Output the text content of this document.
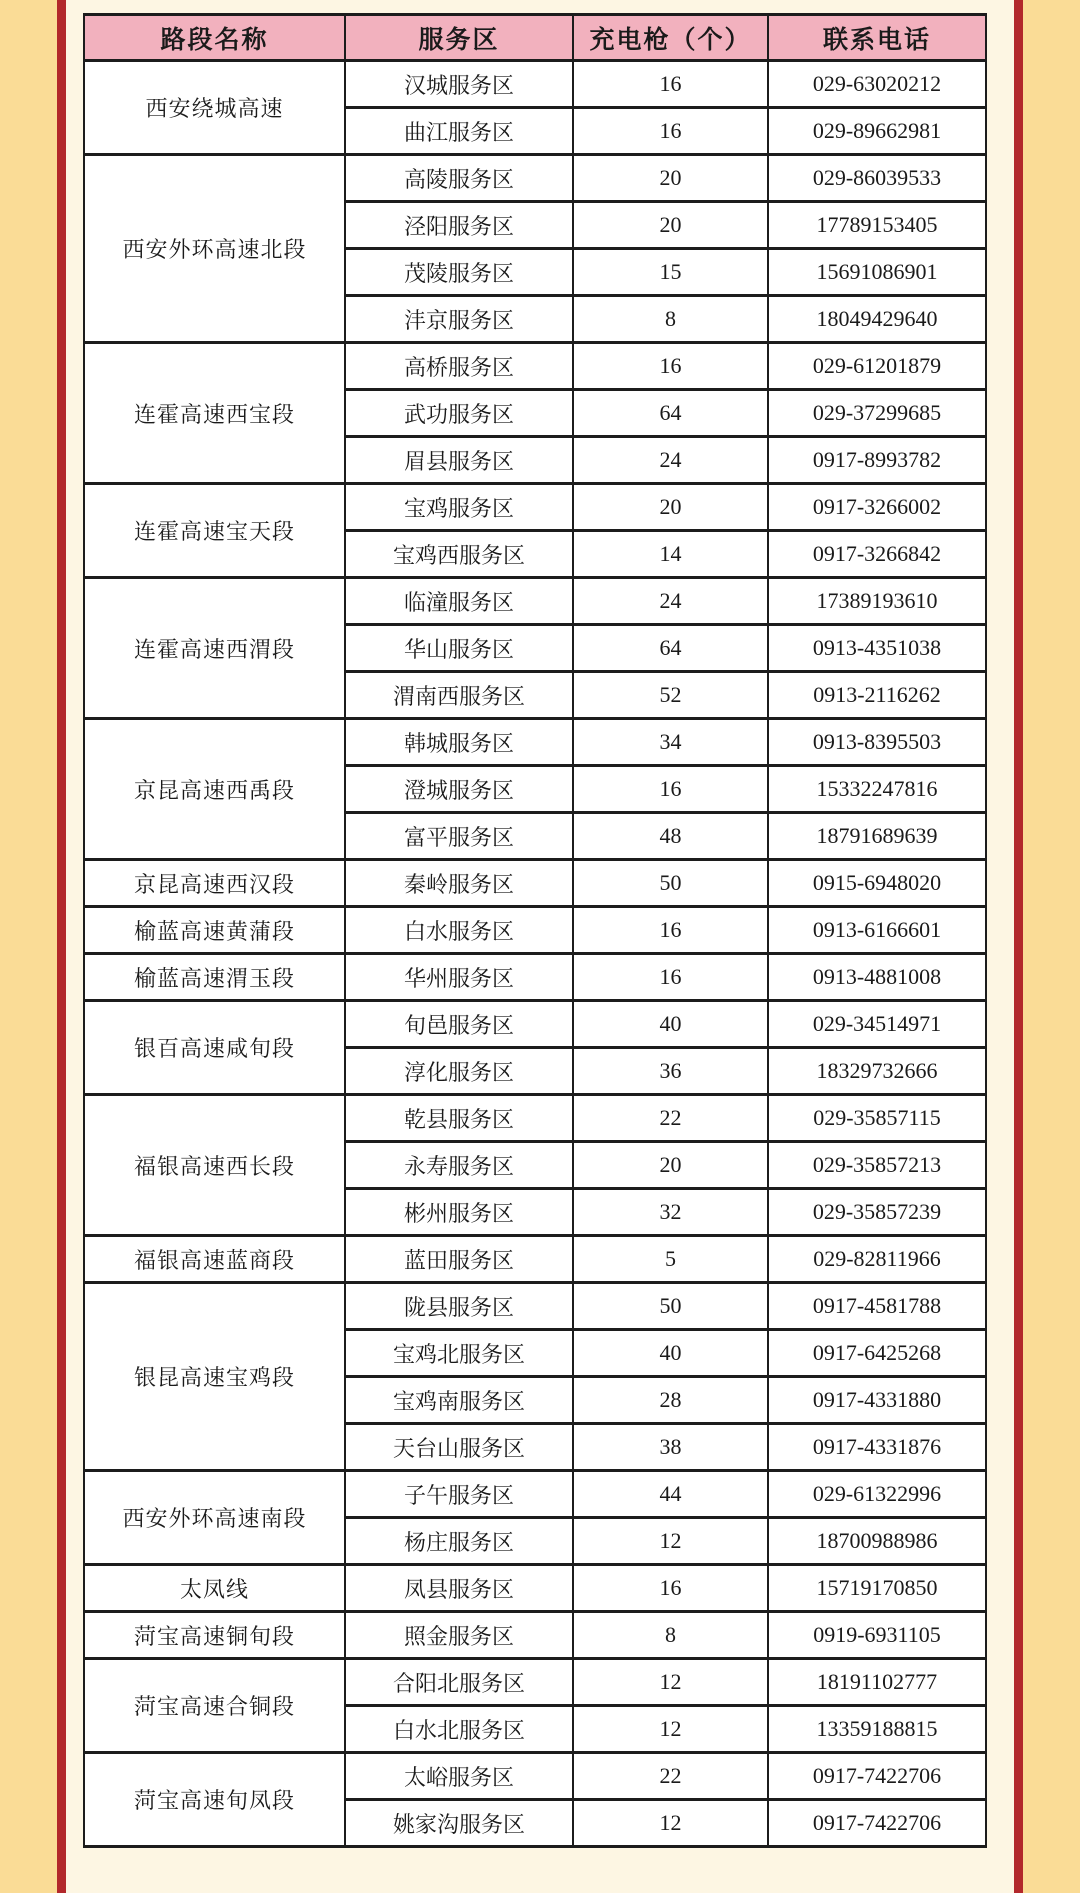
路段名称	服务区	充电枪（个）	联系电话
西安绕城高速	汉城服务区	16	029-63020212
	曲江服务区	16	029-89662981
西安外环高速北段	高陵服务区	20	029-86039533
	泾阳服务区	20	17789153405
	茂陵服务区	15	15691086901
	沣京服务区	8	18049429640
连霍高速西宝段	高桥服务区	16	029-61201879
	武功服务区	64	029-37299685
	眉县服务区	24	0917-8993782
连霍高速宝天段	宝鸡服务区	20	0917-3266002
	宝鸡西服务区	14	0917-3266842
连霍高速西渭段	临潼服务区	24	17389193610
	华山服务区	64	0913-4351038
	渭南西服务区	52	0913-2116262
京昆高速西禹段	韩城服务区	34	0913-8395503
	澄城服务区	16	15332247816
	富平服务区	48	18791689639
京昆高速西汉段	秦岭服务区	50	0915-6948020
榆蓝高速黄蒲段	白水服务区	16	0913-6166601
榆蓝高速渭玉段	华州服务区	16	0913-4881008
银百高速咸旬段	旬邑服务区	40	029-34514971
	淳化服务区	36	18329732666
福银高速西长段	乾县服务区	22	029-35857115
	永寿服务区	20	029-35857213
	彬州服务区	32	029-35857239
福银高速蓝商段	蓝田服务区	5	029-82811966
银昆高速宝鸡段	陇县服务区	50	0917-4581788
	宝鸡北服务区	40	0917-6425268
	宝鸡南服务区	28	0917-4331880
	天台山服务区	38	0917-4331876
西安外环高速南段	子午服务区	44	029-61322996
	杨庄服务区	12	18700988986
太凤线	凤县服务区	16	15719170850
菏宝高速铜旬段	照金服务区	8	0919-6931105
菏宝高速合铜段	合阳北服务区	12	18191102777
	白水北服务区	12	13359188815
菏宝高速旬凤段	太峪服务区	22	0917-7422706
	姚家沟服务区	12	0917-7422706
